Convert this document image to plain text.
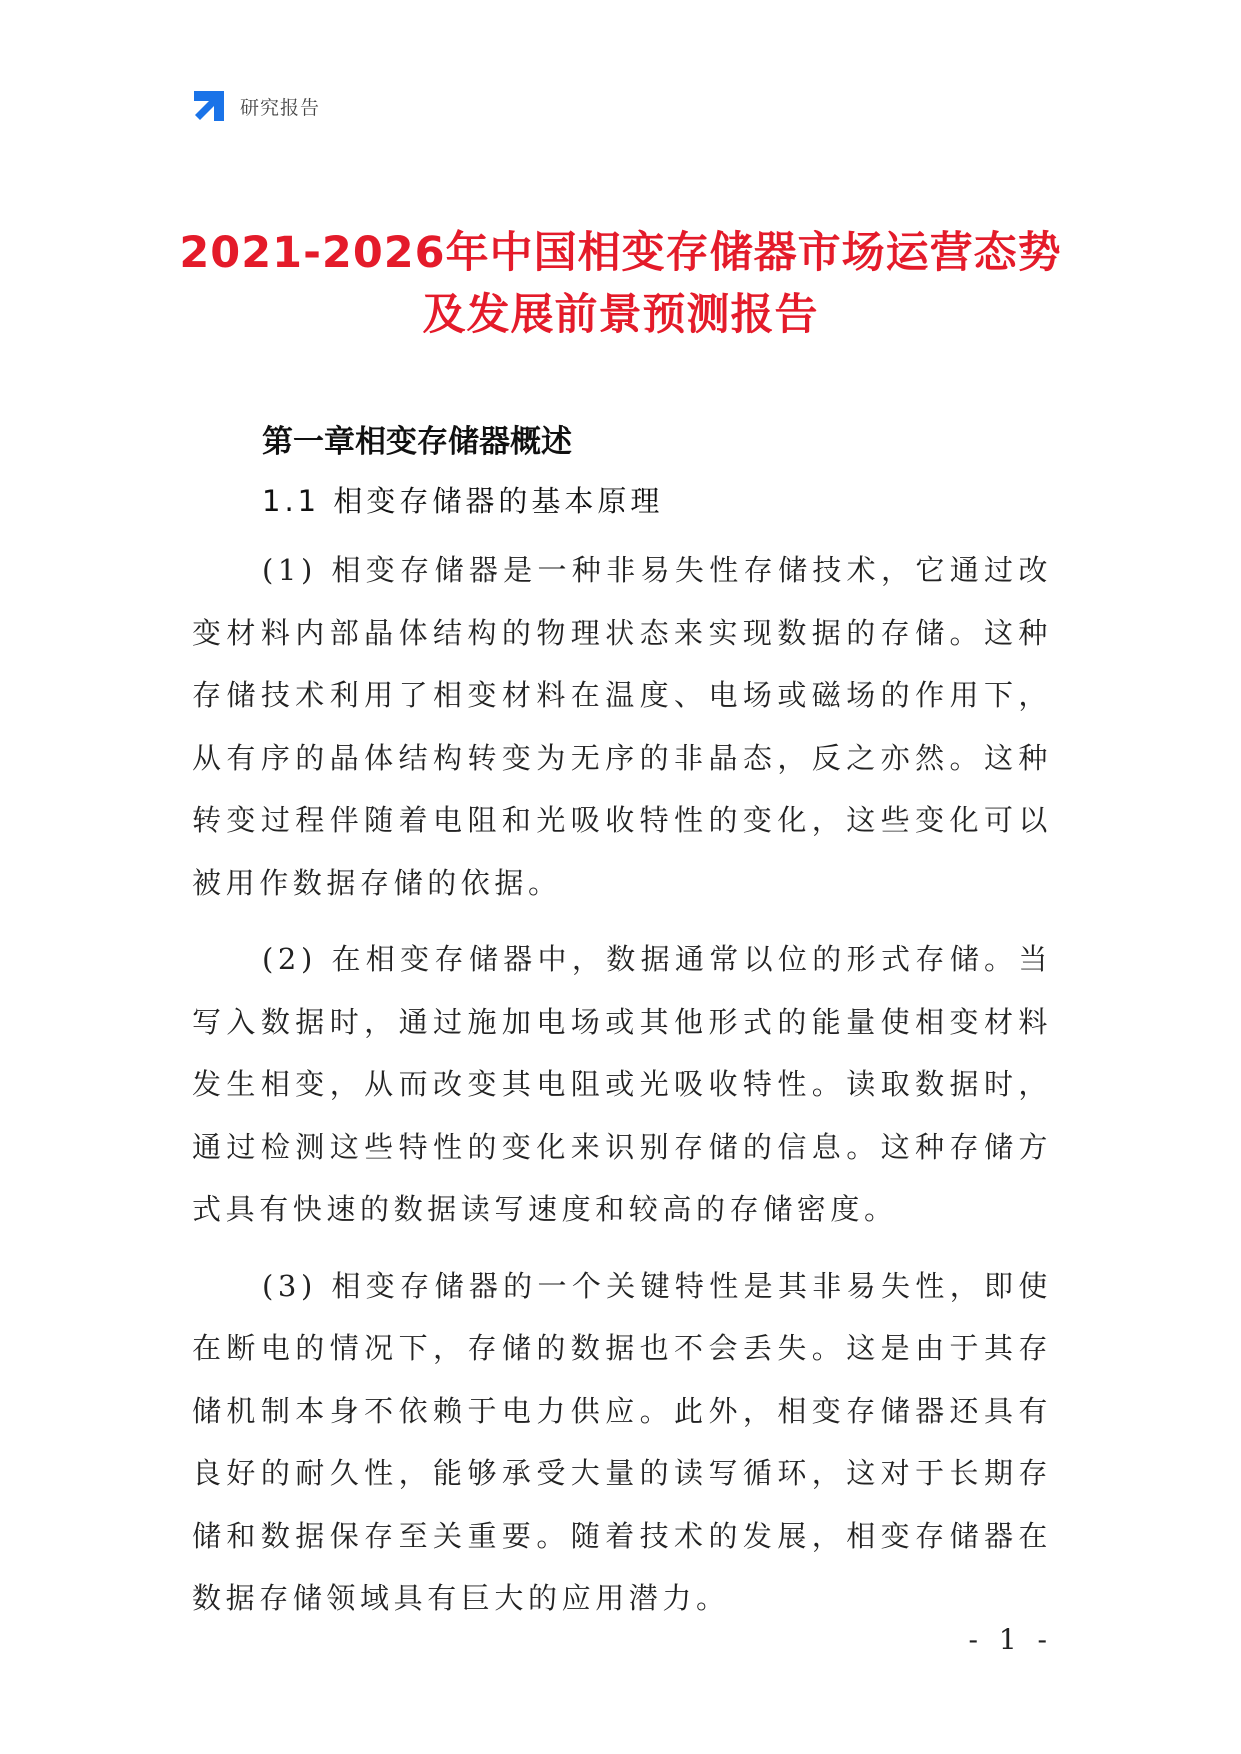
研究报告
2021-2026年中国相变存储器市场运营态势
及发展前景预测报告
第一章相变存储器概述
1.1 相变存储器的基本原理

(1) 相变存储器是一种非易失性存储技术，它通过改变材料内部晶体结构的物理状态来实现数据的存储。这种存储技术利用了相变材料在温度、电场或磁场的作用下，从有序的晶体结构转变为无序的非晶态，反之亦然。这种转变过程伴随着电阻和光吸收特性的变化，这些变化可以被用作数据存储的依据。

(2) 在相变存储器中，数据通常以位的形式存储。当写入数据时，通过施加电场或其他形式的能量使相变材料发生相变，从而改变其电阻或光吸收特性。读取数据时，通过检测这些特性的变化来识别存储的信息。这种存储方式具有快速的数据读写速度和较高的存储密度。

(3) 相变存储器的一个关键特性是其非易失性，即使在断电的情况下，存储的数据也不会丢失。这是由于其存储机制本身不依赖于电力供应。此外，相变存储器还具有良好的耐久性，能够承受大量的读写循环，这对于长期存储和数据保存至关重要。随着技术的发展，相变存储器在数据存储领域具有巨大的应用潜力。

- 1 -
